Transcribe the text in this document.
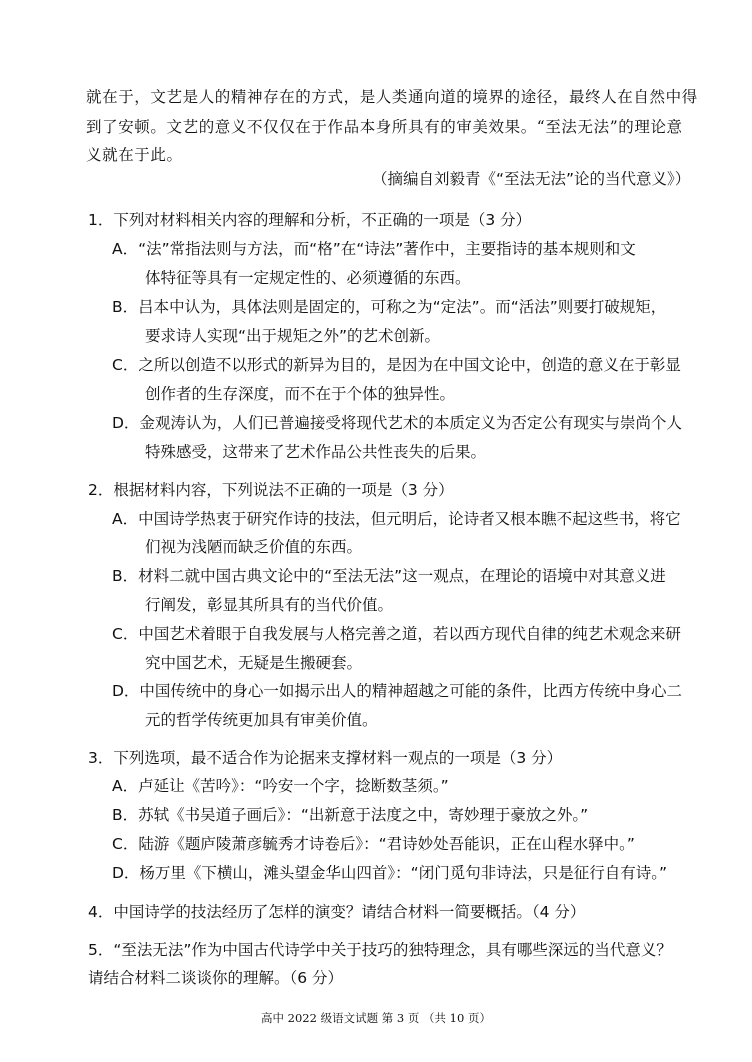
就在于，文艺是人的精神存在的方式，是人类通向道的境界的途径，最终人在自然中得
到了安顿。文艺的意义不仅仅在于作品本身所具有的审美效果。“至法无法”的理论意
义就在于此。
（摘编自刘毅青《“至法无法”论的当代意义》）
1．下列对材料相关内容的理解和分析，不正确的一项是（3 分）
A．“法”常指法则与方法，而“格”在“诗法”著作中，主要指诗的基本规则和文
体特征等具有一定规定性的、必须遵循的东西。
B．吕本中认为，具体法则是固定的，可称之为“定法”。而“活法”则要打破规矩，
要求诗人实现“出于规矩之外”的艺术创新。
C．之所以创造不以形式的新异为目的，是因为在中国文论中，创造的意义在于彰显
创作者的生存深度，而不在于个体的独异性。
D．金观涛认为，人们已普遍接受将现代艺术的本质定义为否定公有现实与崇尚个人
特殊感受，这带来了艺术作品公共性丧失的后果。
2．根据材料内容，下列说法不正确的一项是（3 分）
A．中国诗学热衷于研究作诗的技法，但元明后，论诗者又根本瞧不起这些书，将它
们视为浅陋而缺乏价值的东西。
B．材料二就中国古典文论中的“至法无法”这一观点，在理论的语境中对其意义进
行阐发，彰显其所具有的当代价值。
C．中国艺术着眼于自我发展与人格完善之道，若以西方现代自律的纯艺术观念来研
究中国艺术，无疑是生搬硬套。
D．中国传统中的身心一如揭示出人的精神超越之可能的条件，比西方传统中身心二
元的哲学传统更加具有审美价值。
3．下列选项，最不适合作为论据来支撑材料一观点的一项是（3 分）
A．卢延让《苦吟》：“吟安一个字，捻断数茎须。”
B．苏轼《书吴道子画后》：“出新意于法度之中，寄妙理于豪放之外。”
C．陆游《题庐陵萧彦毓秀才诗卷后》：“君诗妙处吾能识，正在山程水驿中。”
D．杨万里《下横山，滩头望金华山四首》：“闭门觅句非诗法，只是征行自有诗。”
4．中国诗学的技法经历了怎样的演变？请结合材料一简要概括。（4 分）
5．“至法无法”作为中国古代诗学中关于技巧的独特理念，具有哪些深远的当代意义？
请结合材料二谈谈你的理解。（6 分）
高中 2022 级语文试题 第 3 页 （共 10 页）
